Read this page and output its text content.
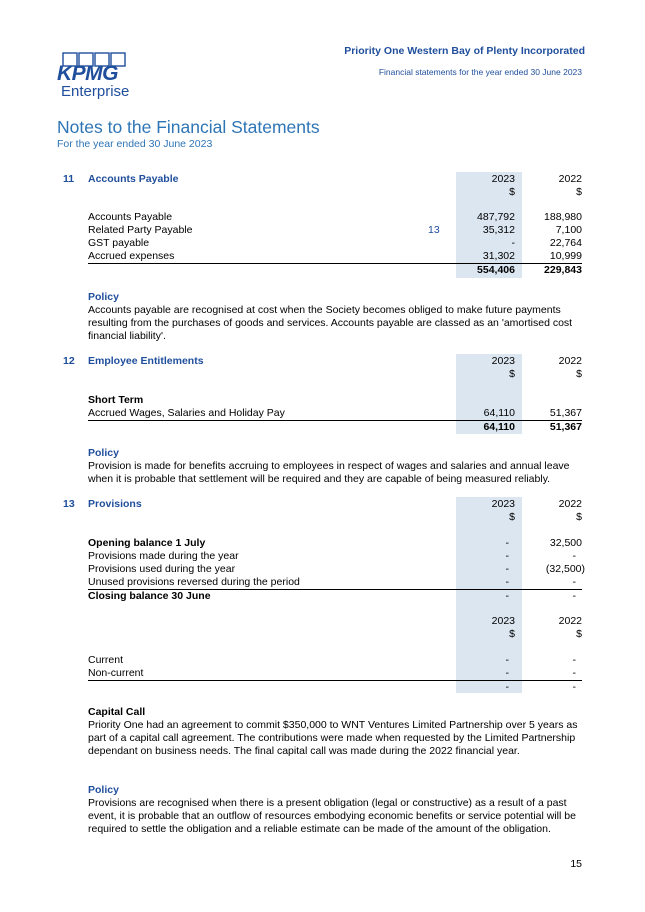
Priority One Western Bay of Plenty Incorporated
Financial statements for the year ended 30 June 2023
KPMG
Enterprise
Notes to the Financial Statements
For the year ended 30 June 2023
11 Accounts Payable	2023	2022
$	$
Accounts Payable	487,792	188,980
Related Party Payable	13	35,312	7,100
GST payable	-	22,764
Accrued expenses	31,302	10,999
554,406	229,843
Policy

Accounts payable are recognised at cost when the Society becomes obliged to make future payments resulting from the purchases of goods and services. Accounts payable are classed as an 'amortised cost financial liability'.

12 Employee Entitlements	2023	2022
$	$
Short Term
Accrued Wages, Salaries and Holiday Pay	64,110	51,367
64,110	51,367
Policy

Provision is made for benefits accruing to employees in respect of wages and salaries and annual leave when it is probable that settlement will be required and they are capable of being measured reliably.

13 Provisions	2023	2022
$	$
Opening balance 1 July	-	32,500
Provisions made during the year	-	-
Provisions used during the year	-	(32,500)
Unused provisions reversed during the period	-	-
Closing balance 30 June	-	-
2023	2022
$	$
Current	-	-
Non-current	-	-
-	-
Capital Call

Priority One had an agreement to commit $350,000 to WNT Ventures Limited Partnership over 5 years as part of a capital call agreement. The contributions were made when requested by the Limited Partnership dependant on business needs. The final capital call was made during the 2022 financial year.

Policy

Provisions are recognised when there is a present obligation (legal or constructive) as a result of a past event, it is probable that an outflow of resources embodying economic benefits or service potential will be required to settle the obligation and a reliable estimate can be made of the amount of the obligation.

15
